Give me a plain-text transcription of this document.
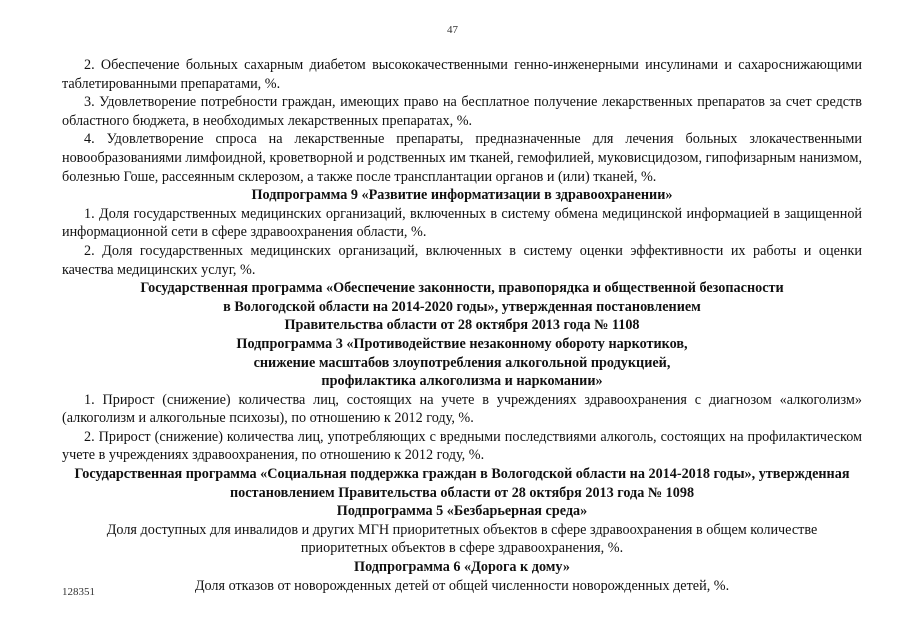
47

2. Обеспечение больных сахарным диабетом высококачественными генно-инженерными инсулинами и сахароснижающими таблетированными препаратами, %.

3. Удовлетворение потребности граждан, имеющих право на бесплатное получение лекарственных препаратов за счет средств областного бюджета, в необходимых лекарственных препаратах, %.

4. Удовлетворение спроса на лекарственные препараты, предназначенные для лечения больных злокачественными новообразованиями лимфоидной, кроветворной и родственных им тканей, гемофилией, муковисцидозом, гипофизарным нанизмом, болезнью Гоше, рассеянным склерозом, а также после трансплантации органов и (или) тканей, %.

Подпрограмма 9 «Развитие информатизации в здравоохранении»

1. Доля государственных медицинских организаций, включенных в систему обмена медицинской информацией в защищенной информационной сети в сфере здравоохранения области, %.

2. Доля государственных медицинских организаций, включенных в систему оценки эффективности их работы и оценки качества медицинских услуг, %.

Государственная программа «Обеспечение законности, правопорядка и общественной безопасности

в Вологодской области на 2014-2020 годы», утвержденная постановлением

Правительства области от 28 октября 2013 года № 1108

Подпрограмма 3 «Противодействие незаконному обороту наркотиков,

снижение масштабов злоупотребления алкогольной продукцией,

профилактика алкоголизма и наркомании»

1. Прирост (снижение) количества лиц, состоящих на учете в учреждениях здравоохранения с диагнозом «алкоголизм» (алкоголизм и алкогольные психозы), по отношению к 2012 году, %.

2. Прирост (снижение) количества лиц, употребляющих с вредными последствиями алкоголь, состоящих на профилактическом учете в учреждениях здравоохранения, по отношению к 2012 году, %.

Государственная программа «Социальная поддержка граждан в Вологодской области на 2014-2018 годы», утвержденная постановлением Правительства области от 28 октября 2013 года № 1098

Подпрограмма 5 «Безбарьерная среда»

Доля доступных для инвалидов и других МГН приоритетных объектов в сфере здравоохранения в общем количестве приоритетных объектов в сфере здравоохранения, %.

Подпрограмма 6 «Дорога к дому»

Доля отказов от новорожденных детей от общей численности новорожденных детей, %.

128351
